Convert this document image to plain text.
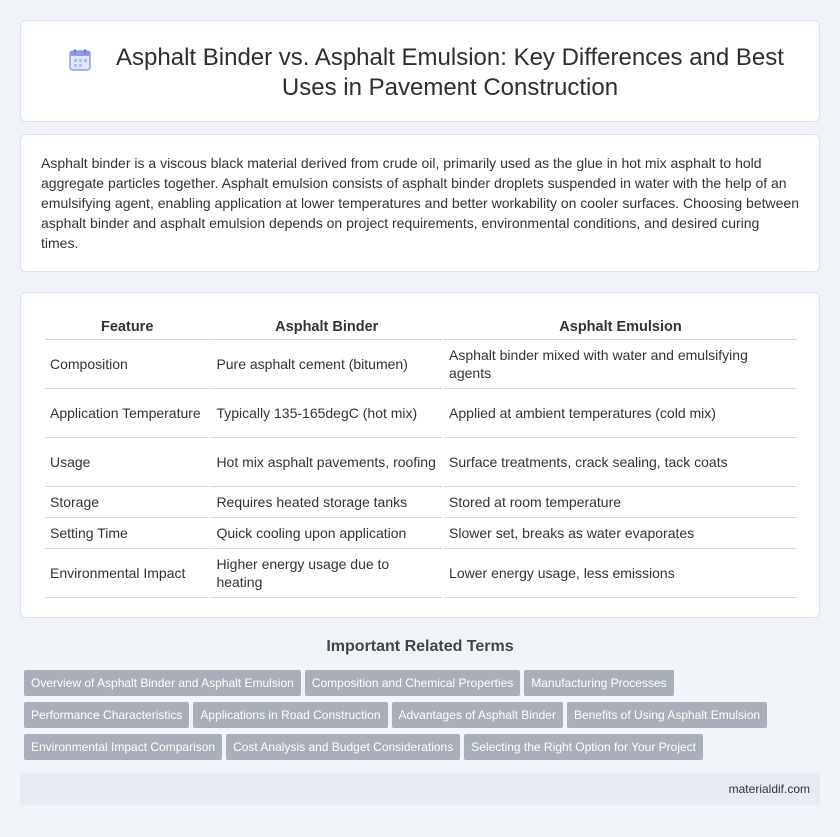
Asphalt Binder vs. Asphalt Emulsion: Key Differences and Best Uses in Pavement Construction

Asphalt binder is a viscous black material derived from crude oil, primarily used as the glue in hot mix asphalt to hold aggregate particles together. Asphalt emulsion consists of asphalt binder droplets suspended in water with the help of an emulsifying agent, enabling application at lower temperatures and better workability on cooler surfaces. Choosing between asphalt binder and asphalt emulsion depends on project requirements, environmental conditions, and desired curing times.

Feature	Asphalt Binder	Asphalt Emulsion
Composition	Pure asphalt cement (bitumen)	Asphalt binder mixed with water and emulsifying agents
Application Temperature	Typically 135-165degC (hot mix)	Applied at ambient temperatures (cold mix)
Usage	Hot mix asphalt pavements, roofing	Surface treatments, crack sealing, tack coats
Storage	Requires heated storage tanks	Stored at room temperature
Setting Time	Quick cooling upon application	Slower set, breaks as water evaporates
Environmental Impact	Higher energy usage due to heating	Lower energy usage, less emissions
Important Related Terms
Overview of Asphalt Binder and Asphalt Emulsion Composition and Chemical Properties Manufacturing Processes
Performance Characteristics Applications in Road Construction Advantages of Asphalt Binder Benefits of Using Asphalt Emulsion
Environmental Impact Comparison Cost Analysis and Budget Considerations Selecting the Right Option for Your Project
materialdif.com
